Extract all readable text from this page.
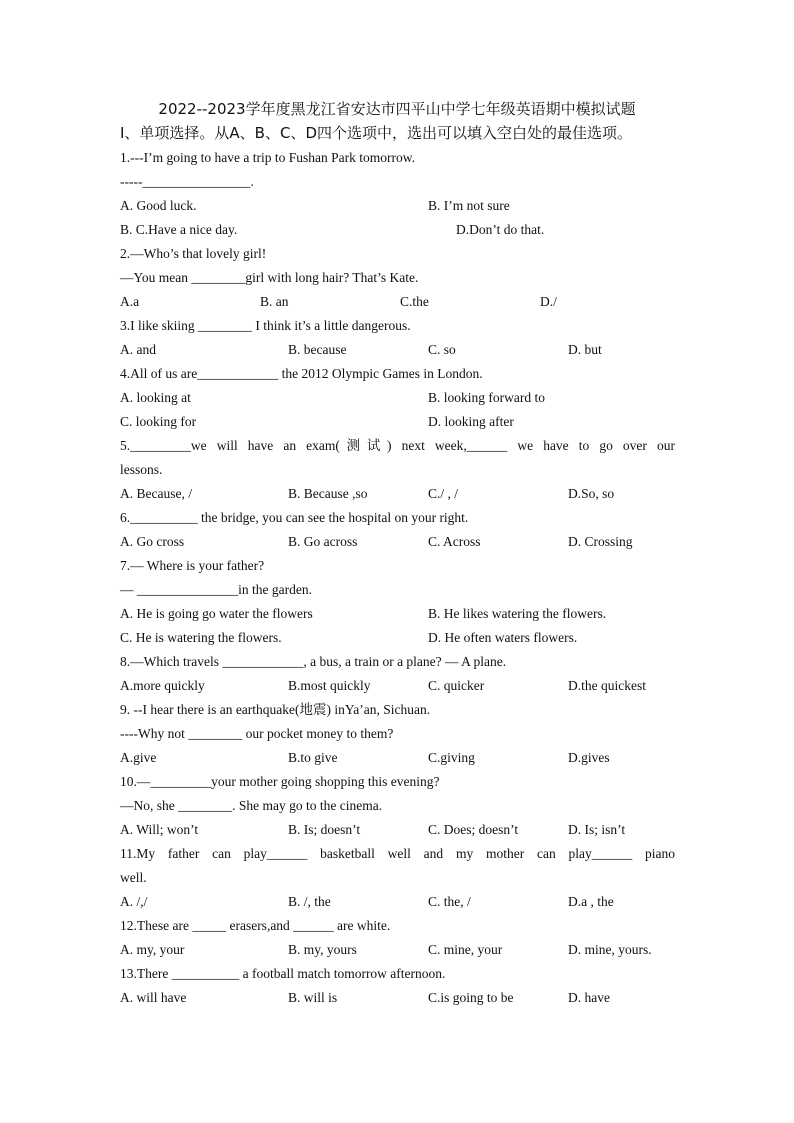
2022--2023学年度黑龙江省安达市四平山中学七年级英语期中模拟试题
Ⅰ、单项选择。从A、B、C、D四个选项中，选出可以填入空白处的最佳选项。
1.---I’m going to have a trip to Fushan Park tomorrow.
-----________________.
A. Good luck.	B. I’m not sure
B. C.Have a nice day.	D.Don’t do that.
2.—Who’s that lovely girl!
—You mean ________girl with long hair? That’s Kate.
A.a	B. an	C.the	D./
3.I like skiing ________ I think it’s a little dangerous.
A. and	B. because	C. so	D. but
4.All of us are____________ the 2012 Olympic Games in London.
A. looking at	B. looking forward to
C. looking for	D. looking after
5._________we will have an exam(测试) next week,______ we have to go over our
lessons.
A. Because, /	B. Because ,so	C./ , /	D.So, so
6.__________ the bridge, you can see the hospital on your right.
A. Go cross	B. Go across	C. Across	D. Crossing
7.— Where is your father?
— _______________in the garden.
A. He is going go water the flowers	B. He likes watering the flowers.
C. He is watering the flowers.	D. He often waters flowers.
8.—Which travels ____________, a bus, a train or a plane? — A plane.
A.more quickly	B.most quickly	C. quicker	D.the quickest
9. --I hear there is an earthquake(地震) inYa’an, Sichuan.
----Why not ________ our pocket money to them?
A.give	B.to give	C.giving	D.gives
10.—_________your mother going shopping this evening?
—No, she ________. She may go to the cinema.
A. Will; won’t	B. Is; doesn’t	C. Does; doesn’t	D. Is; isn’t
11.My father can play______ basketball well and my mother can play______ piano
well.
A. /,/	B. /, the	C. the, /	D.a , the
12.These are _____ erasers,and ______ are white.
A. my, your	B. my, yours	C. mine, your	D. mine, yours.
13.There __________ a football match tomorrow afternoon.
A. will have	B. will is	C.is going to be	D. have
